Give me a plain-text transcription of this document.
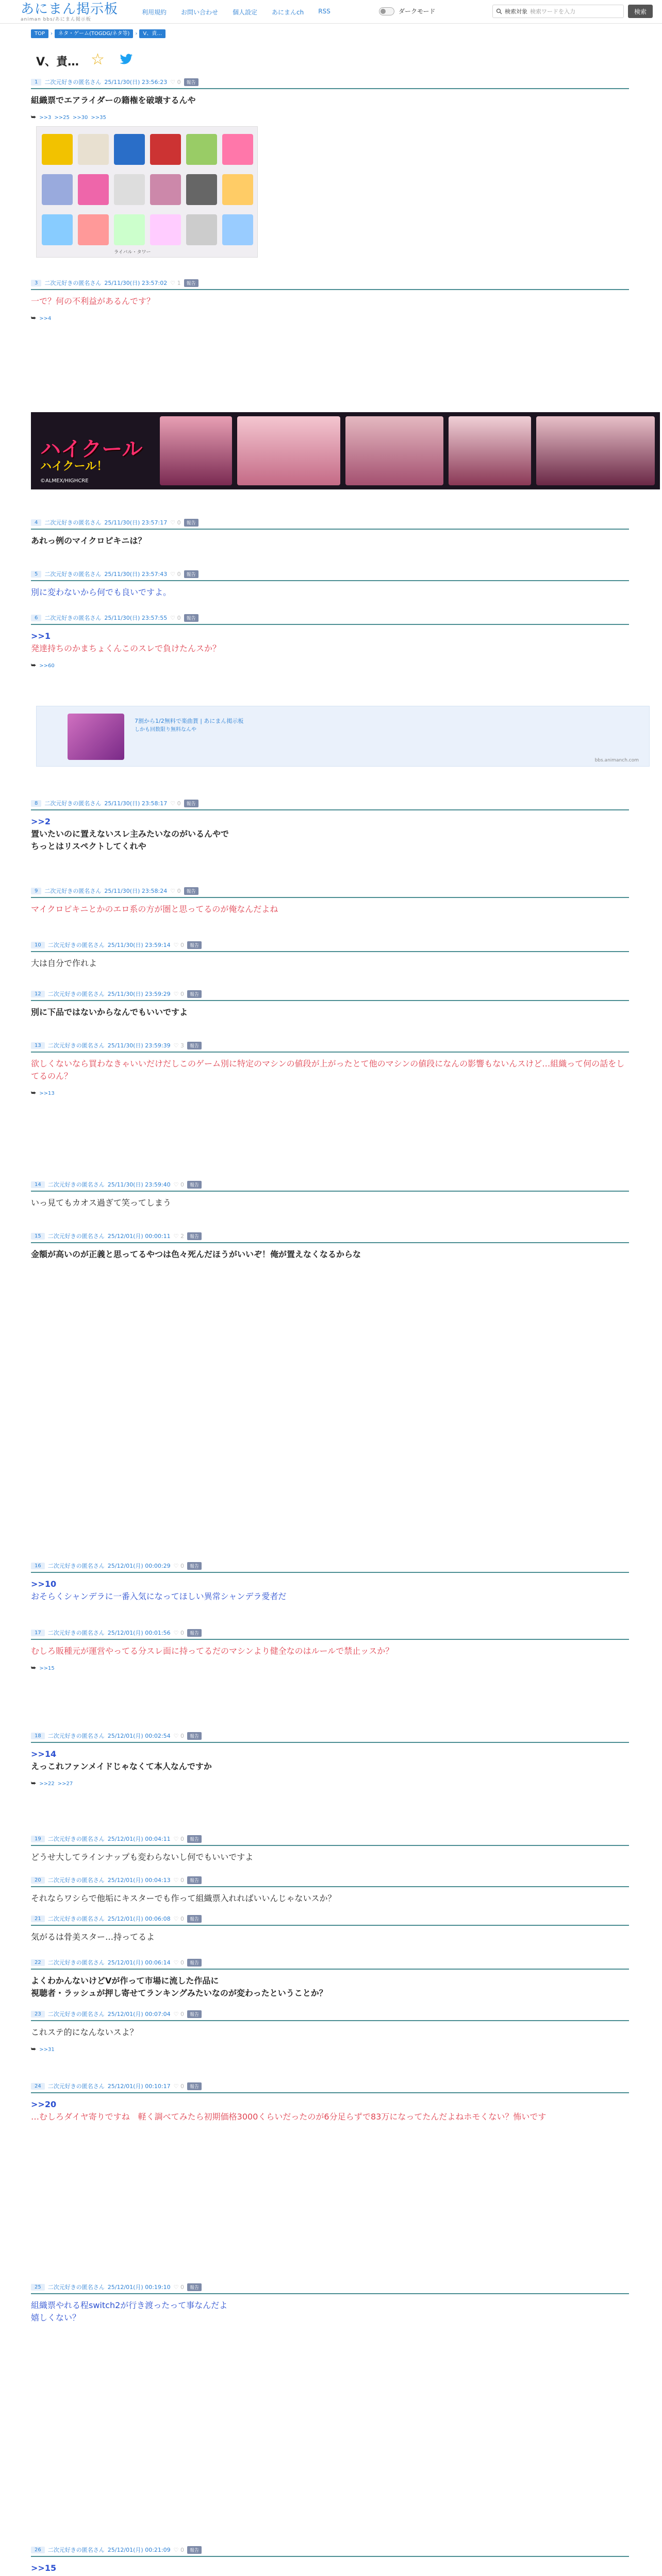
あにまん掲示板
animan bbs/あにまん掲示板
利用規約 お問い合わせ 個人設定 あにまんch RSS	ダークモード	検索対象 検索ワードを入力	検索
TOP	›	ネタ・ゲーム(TOGDG/ネタ等)	›	V、責…
V、責… ☆
ライバル・タワー
ハイクール
ハイクール！
©ALMEX/HIGHCRE
7割から1/2無料で楽曲貰 | あにまん掲示板
しかも回数限り無料なんや
bbs.animanch.com
1	二次元好きの匿名さん 25/11/30(日) 23:56:23 ♡ 0	報告
組織票でエアライダーの籍権を破壊するんや
⮩ >>3 >>25 >>30 >>35
3	二次元好きの匿名さん 25/11/30(日) 23:57:02 ♡ 1	報告
一で？何の不利益があるんです？
⮩ >>4
4	二次元好きの匿名さん 25/11/30(日) 23:57:17 ♡ 0	報告
あれっ例のマイクロピキニは？
5	二次元好きの匿名さん 25/11/30(日) 23:57:43 ♡ 0	報告
別に変わないから何でも良いですよ。
6	二次元好きの匿名さん 25/11/30(日) 23:57:55 ♡ 0	報告
>>1
発達持ちのかまちょくんこのスレで負けたんスか？
⮩ >>60
8	二次元好きの匿名さん 25/11/30(日) 23:58:17 ♡ 0	報告
>>2
置いたいのに置えないスレ主みたいなのがいるんやで
ちっとはリスペクトしてくれや
9	二次元好きの匿名さん 25/11/30(日) 23:58:24 ♡ 0	報告
マイクロピキニとかのエロ系の方が圏と思ってるのが俺なんだよね
10	二次元好きの匿名さん 25/11/30(日) 23:59:14 ♡ 0	報告
大は自分で作れよ
12	二次元好きの匿名さん 25/11/30(日) 23:59:29 ♡ 0	報告
別に下品ではないからなんでもいいですよ
13	二次元好きの匿名さん 25/11/30(日) 23:59:39 ♡ 3	報告
欲しくないなら買わなきゃいいだけだしこのゲーム別に特定のマシンの値段が上がったとて他のマシンの値段になんの影響もないんスけど…組織って何の話をしてるのん？
⮩ >>13
14	二次元好きの匿名さん 25/11/30(日) 23:59:40 ♡ 0	報告
いっ見てもカオス過ぎて笑ってしまう
15	二次元好きの匿名さん 25/12/01(月) 00:00:11 ♡ 2	報告
金額が高いのが正義と思ってるやつは色々死んだほうがいいぞ！俺が置えなくなるからな
16	二次元好きの匿名さん 25/12/01(月) 00:00:29 ♡ 0	報告
>>10
おそらくシャンデラに一番入気になってほしい異常シャンデラ愛者だ
17	二次元好きの匿名さん 25/12/01(月) 00:01:56 ♡ 0	報告
むしろ販種元が運営やってる分スレ面に持ってるだのマシンより健全なのはルールで禁止ッスか？
⮩ >>15
18	二次元好きの匿名さん 25/12/01(月) 00:02:54 ♡ 0	報告
>>14
えっこれファンメイドじゃなくて本人なんですか
⮩ >>22 >>27
19	二次元好きの匿名さん 25/12/01(月) 00:04:11 ♡ 0	報告
どうせ大してラインナップも変わらないし何でもいいですよ
20	二次元好きの匿名さん 25/12/01(月) 00:04:13 ♡ 0	報告
それならワシらで他垢にキスターでも作って組織票入れればいいんじゃないスか？
21	二次元好きの匿名さん 25/12/01(月) 00:06:08 ♡ 0	報告
気がるは骨美スター…持ってるよ
22	二次元好きの匿名さん 25/12/01(月) 00:06:14 ♡ 0	報告
よくわかんないけどVが作って市場に流した作品に
視聴者・ラッシュが押し寄せてランキングみたいなのが変わったということか？
23	二次元好きの匿名さん 25/12/01(月) 00:07:04 ♡ 0	報告
これステ的になんないスよ？
⮩ >>31
24	二次元好きの匿名さん 25/12/01(月) 00:10:17 ♡ 0	報告
>>20
…むしろダイヤ寄りですね　軽く調べてみたら初期価格3000くらいだったのが6分足らずで83万になってたんだよねホモくない？怖いです
25	二次元好きの匿名さん 25/12/01(月) 00:19:10 ♡ 0	報告
組織票やれる程switch2が行き渡ったって事なんだよ
嬉しくない？
26	二次元好きの匿名さん 25/12/01(月) 00:21:09 ♡ 0	報告
>>15
